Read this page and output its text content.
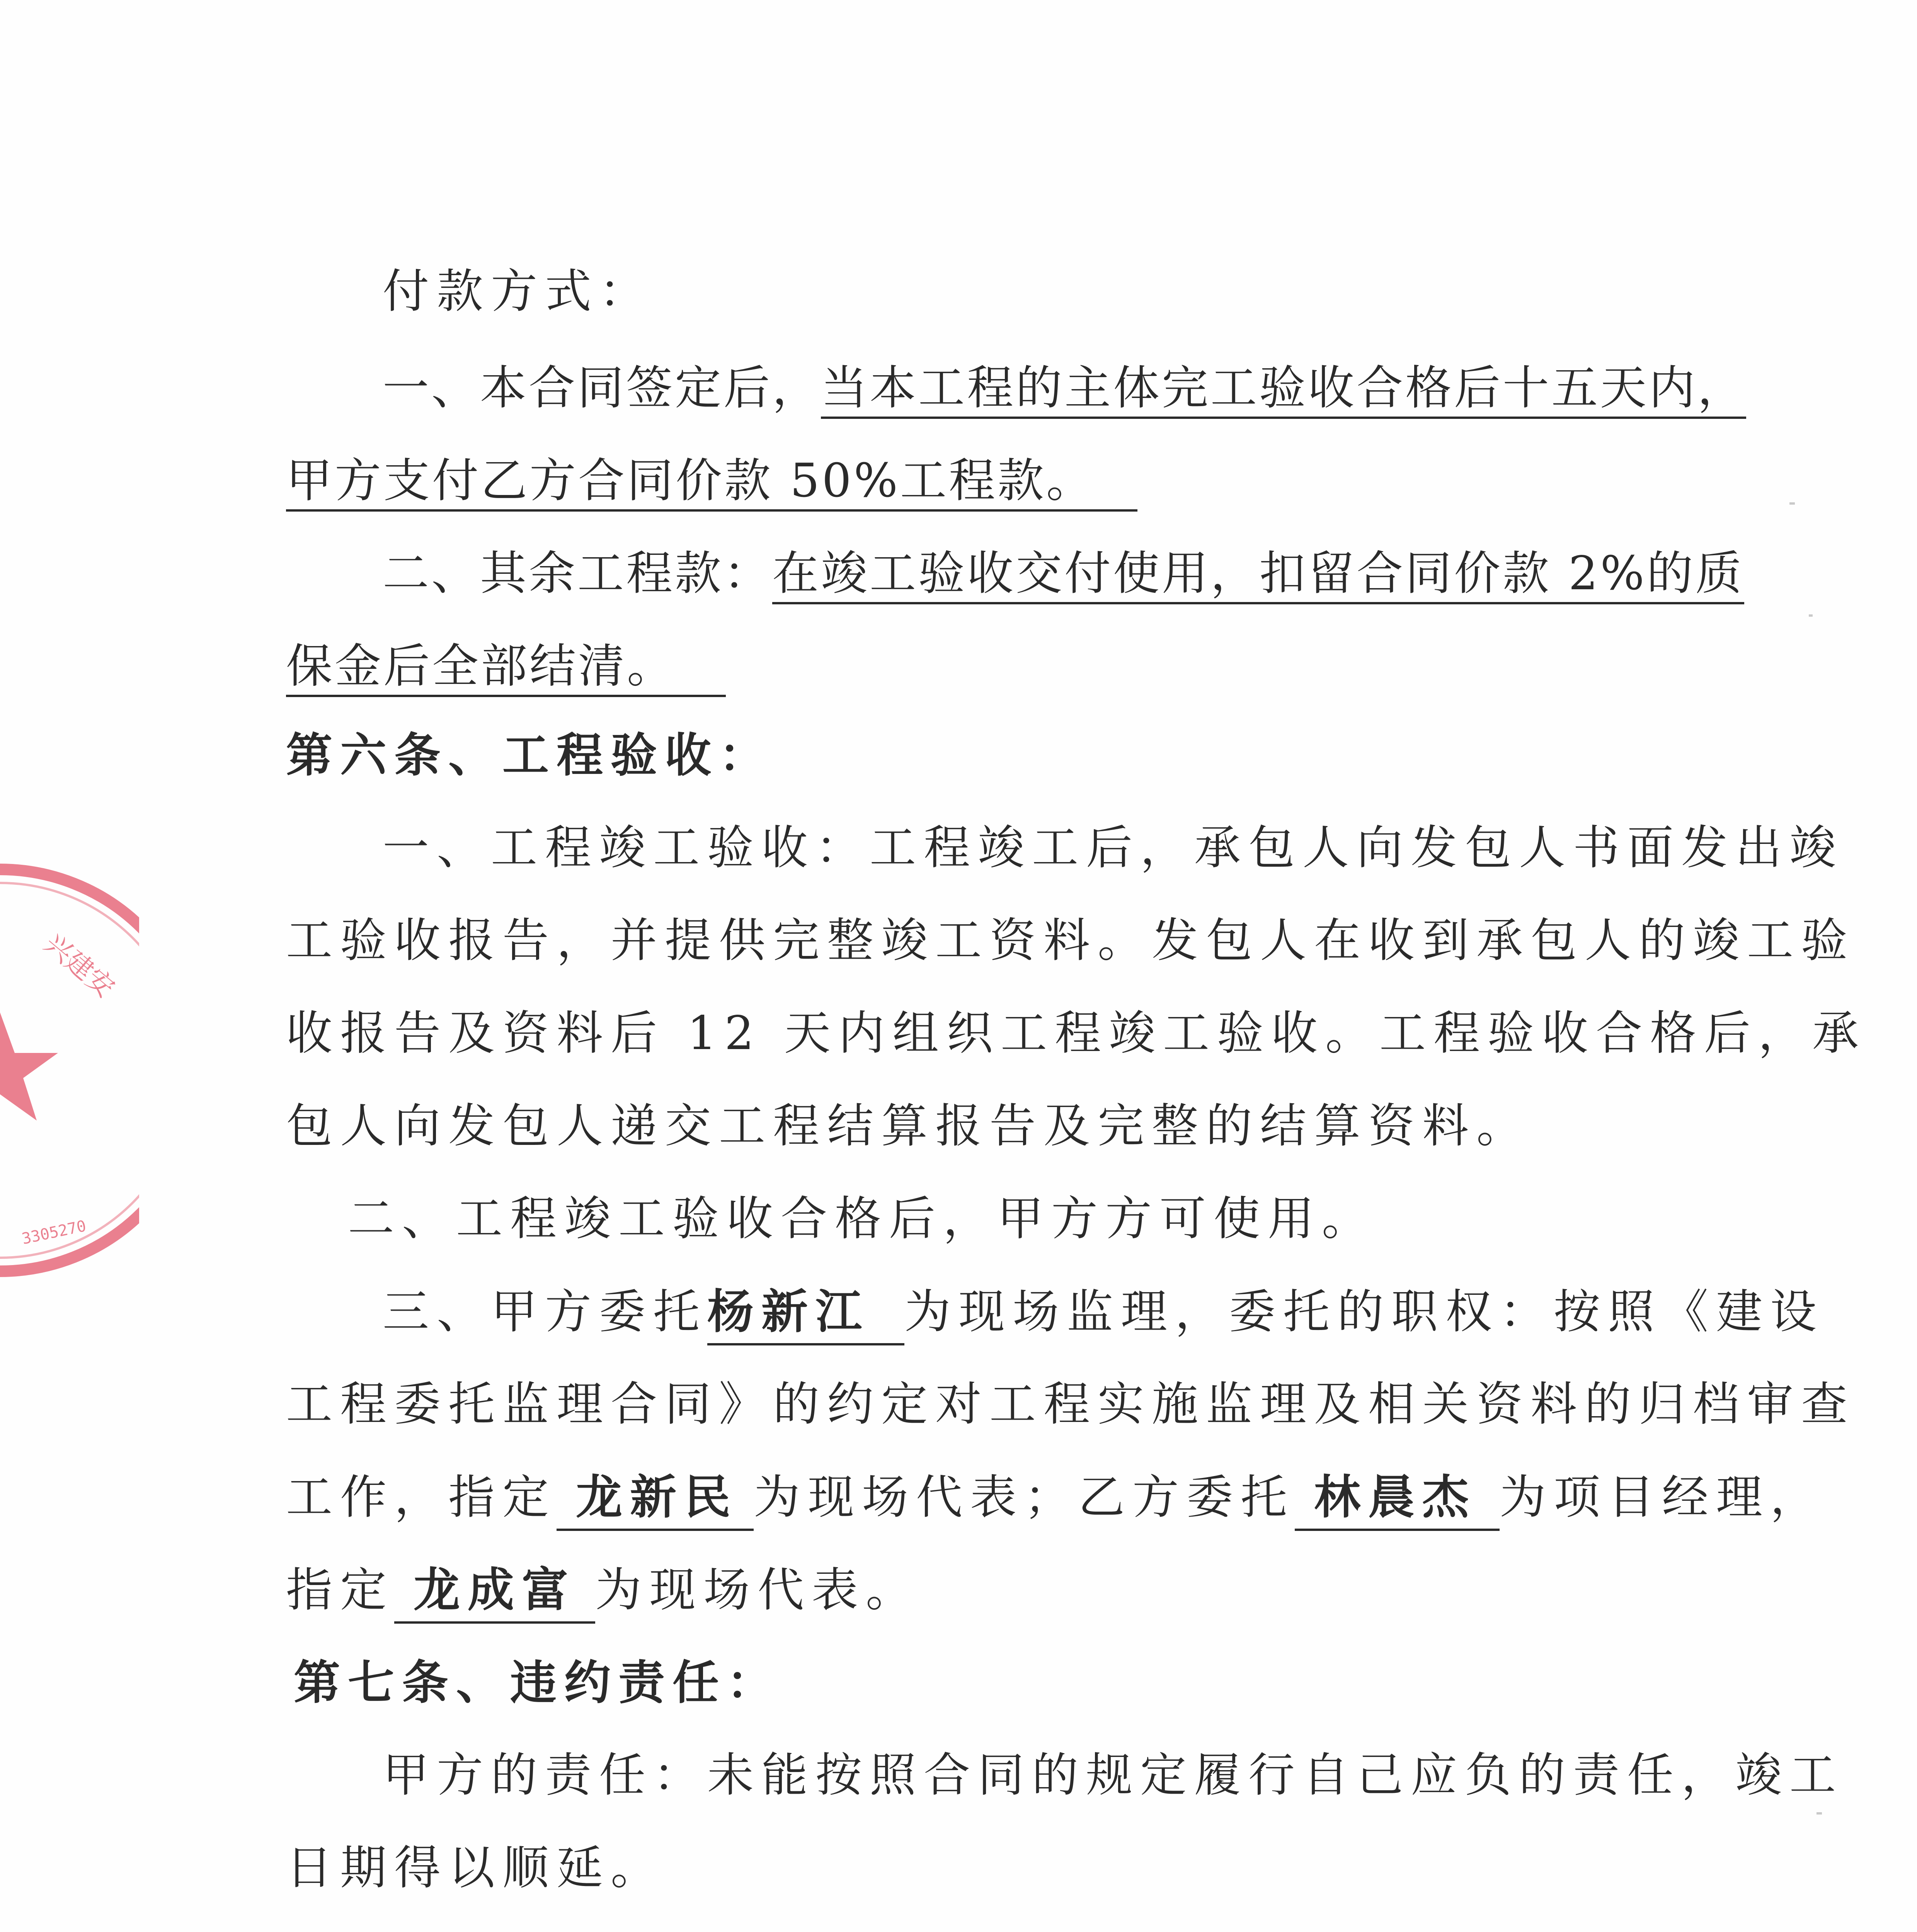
兴建安
3305270
付款方式：
一、本合同签定后，当本工程的主体完工验收合格后十五天内，
甲方支付乙方合同价款 50%工程款。
二、其余工程款：在竣工验收交付使用，扣留合同价款 2%的质
保金后全部结清。
第六条、工程验收：
一、工程竣工验收：工程竣工后，承包人向发包人书面发出竣
工验收报告，并提供完整竣工资料。发包人在收到承包人的竣工验
收报告及资料后 12 天内组织工程竣工验收。工程验收合格后，承
包人向发包人递交工程结算报告及完整的结算资料。
二、工程竣工验收合格后，甲方方可使用。
三、甲方委托杨新江 为现场监理，委托的职权：按照《建设
工程委托监理合同》的约定对工程实施监理及相关资料的归档审查
工作，指定 龙新民 为现场代表；乙方委托 林晨杰 为项目经理，
指定 龙成富 为现场代表。
第七条、违约责任：
甲方的责任：未能按照合同的规定履行自己应负的责任，竣工
日期得以顺延。
